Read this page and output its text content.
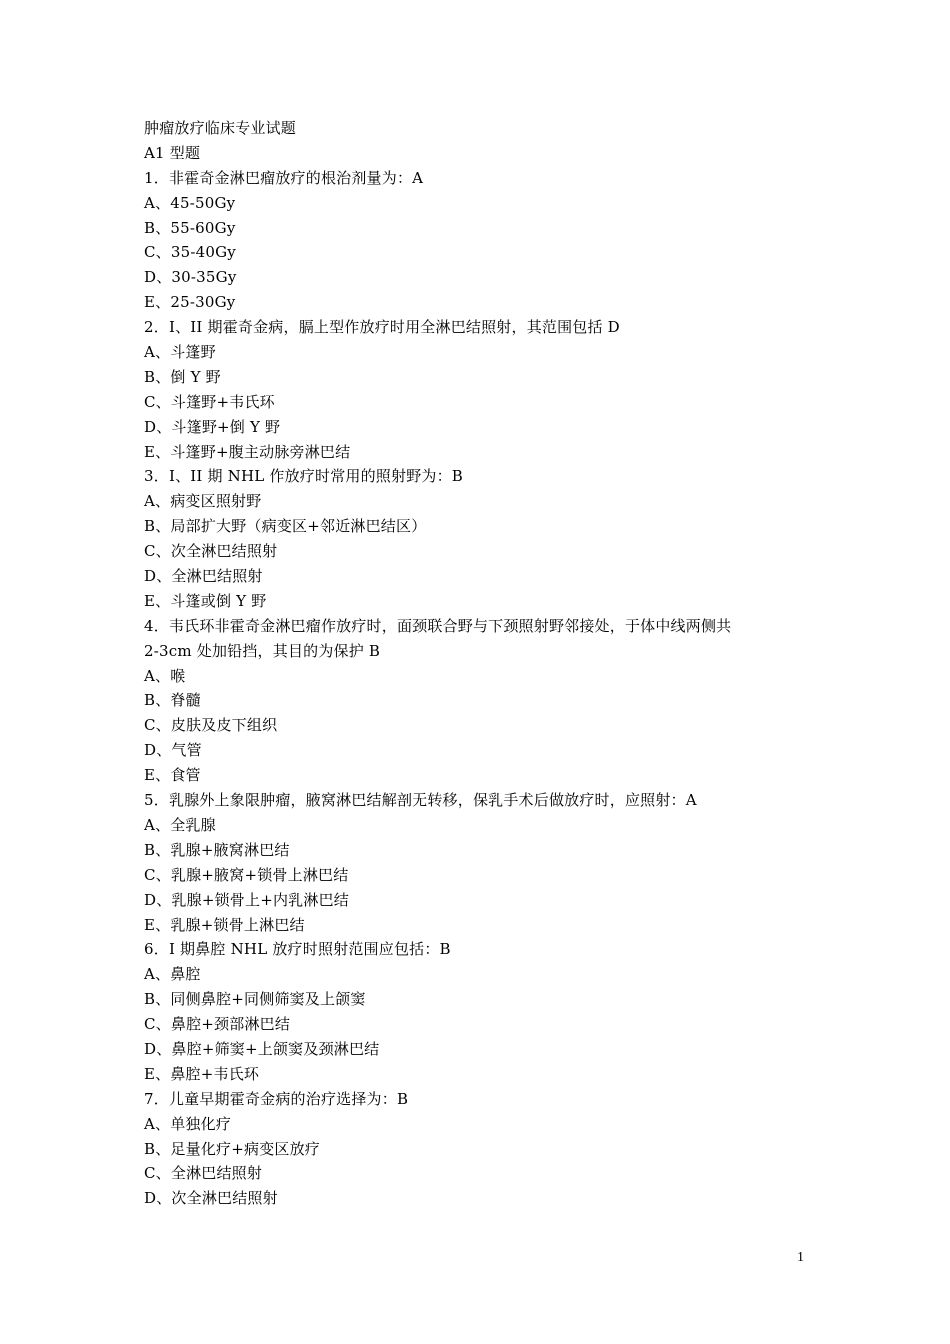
肿瘤放疗临床专业试题
A1 型题
1．非霍奇金淋巴瘤放疗的根治剂量为：A
A、45-50Gy
B、55-60Gy
C、35-40Gy
D、30-35Gy
E、25-30Gy
2．I、II 期霍奇金病，膈上型作放疗时用全淋巴结照射，其范围包括 D
A、斗篷野
B、倒 Y 野
C、斗篷野+韦氏环
D、斗篷野+倒 Y 野
E、斗篷野+腹主动脉旁淋巴结
3．I、II 期 NHL 作放疗时常用的照射野为：B
A、病变区照射野
B、局部扩大野（病变区+邻近淋巴结区）
C、次全淋巴结照射
D、全淋巴结照射
E、斗篷或倒 Y 野
4．韦氏环非霍奇金淋巴瘤作放疗时，面颈联合野与下颈照射野邻接处，于体中线两侧共
2-3cm 处加铅挡，其目的为保护 B
A、喉
B、脊髓
C、皮肤及皮下组织
D、气管
E、食管
5．乳腺外上象限肿瘤，腋窝淋巴结解剖无转移，保乳手术后做放疗时，应照射：A
A、全乳腺
B、乳腺+腋窝淋巴结
C、乳腺+腋窝+锁骨上淋巴结
D、乳腺+锁骨上+内乳淋巴结
E、乳腺+锁骨上淋巴结
6．I 期鼻腔 NHL 放疗时照射范围应包括：B
A、鼻腔
B、同侧鼻腔+同侧筛窦及上颌窦
C、鼻腔+颈部淋巴结
D、鼻腔+筛窦+上颌窦及颈淋巴结
E、鼻腔+韦氏环
7．儿童早期霍奇金病的治疗选择为：B
A、单独化疗
B、足量化疗+病变区放疗
C、全淋巴结照射
D、次全淋巴结照射
1
